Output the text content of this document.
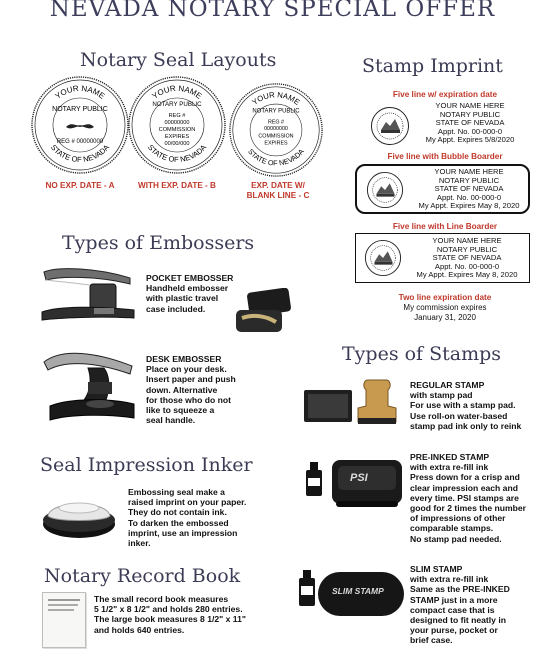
NEVADA NOTARY SPECIAL OFFER
Notary Seal Layouts
YOUR NAME
STATE OF NEVADA
NOTARY PUBLIC
REG # 00000000
NO EXP. DATE - A
YOUR NAME
STATE OF NEVADA
NOTARY PUBLIC
REG #
00000000
COMMISSION
EXPIRES
00/00/000
WITH EXP. DATE - B
YOUR NAME
STATE OF NEVADA
NOTARY PUBLIC
REG #
00000000
COMMISSION
EXPIRES
EXP. DATE W/
BLANK LINE - C
Stamp Imprint
Five line w/ expiration date
YOUR NAME HERE
NOTARY PUBLIC
STATE OF NEVADA
Appt. No. 00-000-0
My Appt. Expires 5/8/2020
Five line with Bubble Boarder
YOUR NAME HERE
NOTARY PUBLIC
STATE OF NEVADA
Appt. No. 00-000-0
My Appt. Expires May 8, 2020
Five line with Line Boarder
YOUR NAME HERE
NOTARY PUBLIC
STATE OF NEVADA
Appt. No. 00-000-0
My Appt. Expires May 8, 2020
Two line expiration date
My commission expires
January 31, 2020
Types of Embossers
POCKET EMBOSSER
Handheld embosser
with plastic travel
case included.
DESK EMBOSSER
Place on your desk.
Insert paper and push
down. Alternative
for those who do not
like to squeeze a
seal handle.
Seal Impression Inker
Embossing seal make a
raised imprint on your paper.
They do not contain ink.
To darken the embossed
imprint, use an impression
inker.
Notary Record Book
The small record book measures
5 1/2" x 8 1/2" and holds 280 entries.
The large book measures 8 1/2" x 11"
and holds 640 entries.
Types of Stamps
REGULAR STAMP
with stamp pad
For use with a stamp pad.
Use roll-on water-based
stamp pad ink only to reink
PSI
PRE-INKED STAMP
with extra re-fill ink
Press down for a crisp and
clear impression each and
every time. PSI stamps are
good for 2 times the number
of impressions of other
comparable stamps.
No stamp pad needed.
SLIM STAMP
SLIM STAMP
with extra re-fill ink
Same as the PRE-INKED
STAMP just in a more
compact case that is
designed to fit neatly in
your purse, pocket or
brief case.
